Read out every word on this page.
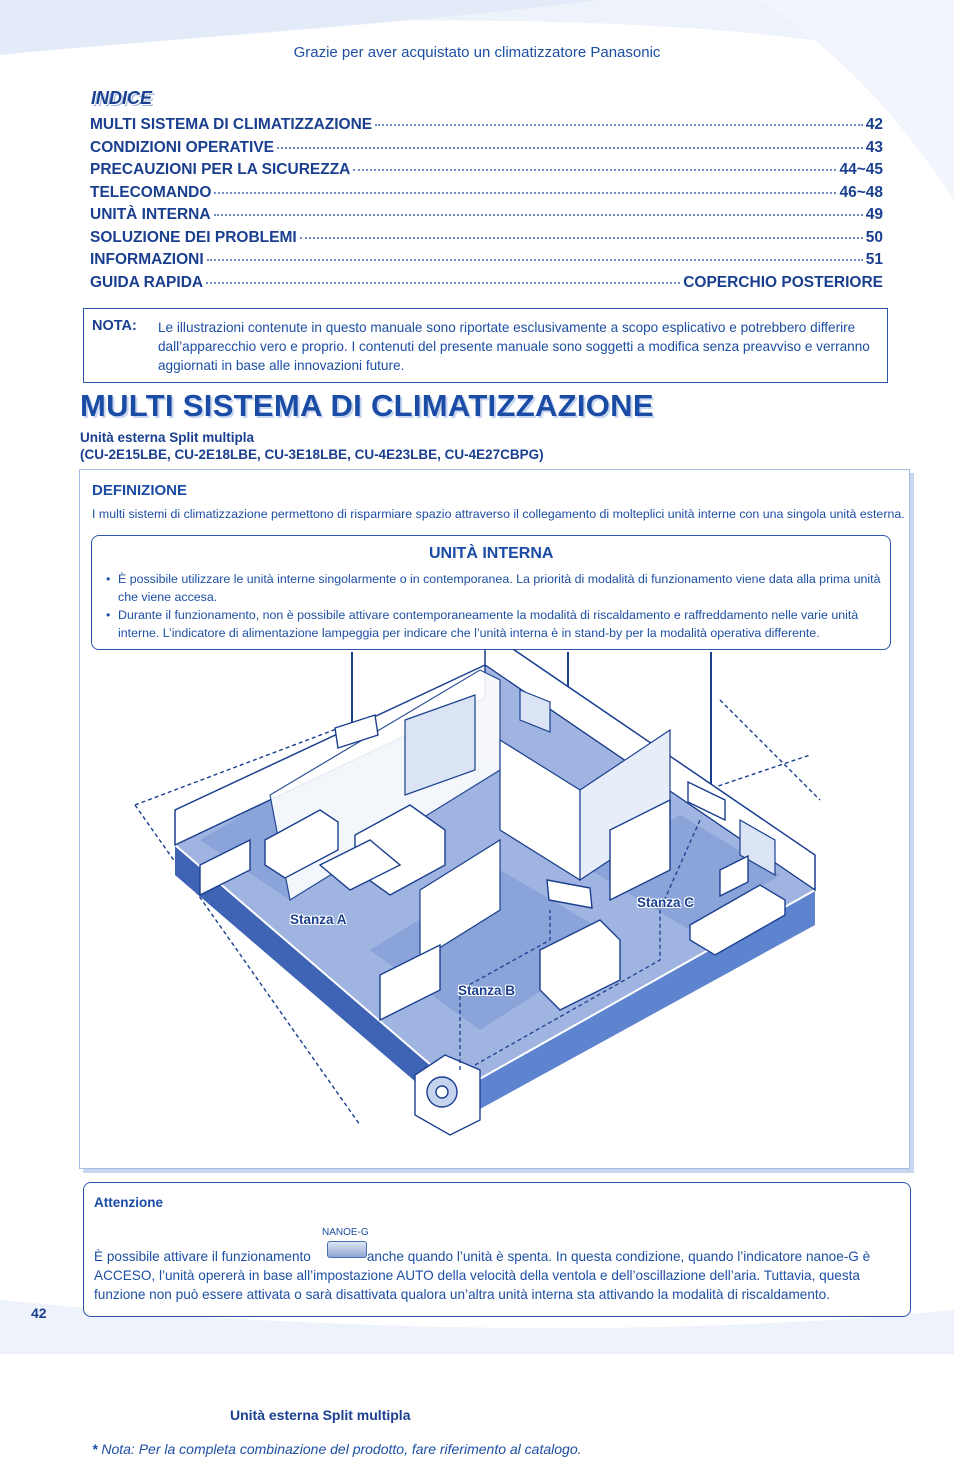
Grazie per aver acquistato un climatizzatore Panasonic
INDICE
MULTI SISTEMA DI CLIMATIZZAZIONE	42
CONDIZIONI OPERATIVE	43
PRECAUZIONI PER LA SICUREZZA	44~45
TELECOMANDO	46~48
UNITÀ INTERNA	49
SOLUZIONE DEI PROBLEMI	50
INFORMAZIONI	51
GUIDA RAPIDA	COPERCHIO POSTERIORE
NOTA: Le illustrazioni contenute in questo manuale sono riportate esclusivamente a scopo esplicativo e potrebbero differire dall’apparecchio vero e proprio. I contenuti del presente manuale sono soggetti a modifica senza preavviso e verranno aggiornati in base alle innovazioni future.
MULTI SISTEMA DI CLIMATIZZAZIONE
Unità esterna Split multipla
(CU-2E15LBE, CU-2E18LBE, CU-3E18LBE, CU-4E23LBE, CU-4E27CBPG)
DEFINIZIONE
I multi sistemi di climatizzazione permettono di risparmiare spazio attraverso il collegamento di molteplici unità interne con una singola unità esterna.
UNITÀ INTERNA
• È possibile utilizzare le unità interne singolarmente o in contemporanea. La priorità di modalità di funzionamento viene data alla prima unità che viene accesa.
• Durante il funzionamento, non è possibile attivare contemporaneamente la modalità di riscaldamento e raffreddamento nelle varie unità interne. L’indicatore di alimentazione lampeggia per indicare che l’unità interna è in stand-by per la modalità operativa differente.
Stanza A
Stanza B
Stanza C
Unità esterna Split multipla
* Nota: Per la completa combinazione del prodotto, fare riferimento al catalogo.
Attenzione
NANOE-G
È possibile attivare il funzionamento	anche quando l’unità è spenta. In questa condizione, quando l’indicatore nanoe-G è ACCESO, l’unità opererà in base all’impostazione AUTO della velocità della ventola e dell’oscillazione dell’aria. Tuttavia, questa funzione non può essere attivata o sarà disattivata qualora un’altra unità interna sta attivando la modalità di riscaldamento.
42
